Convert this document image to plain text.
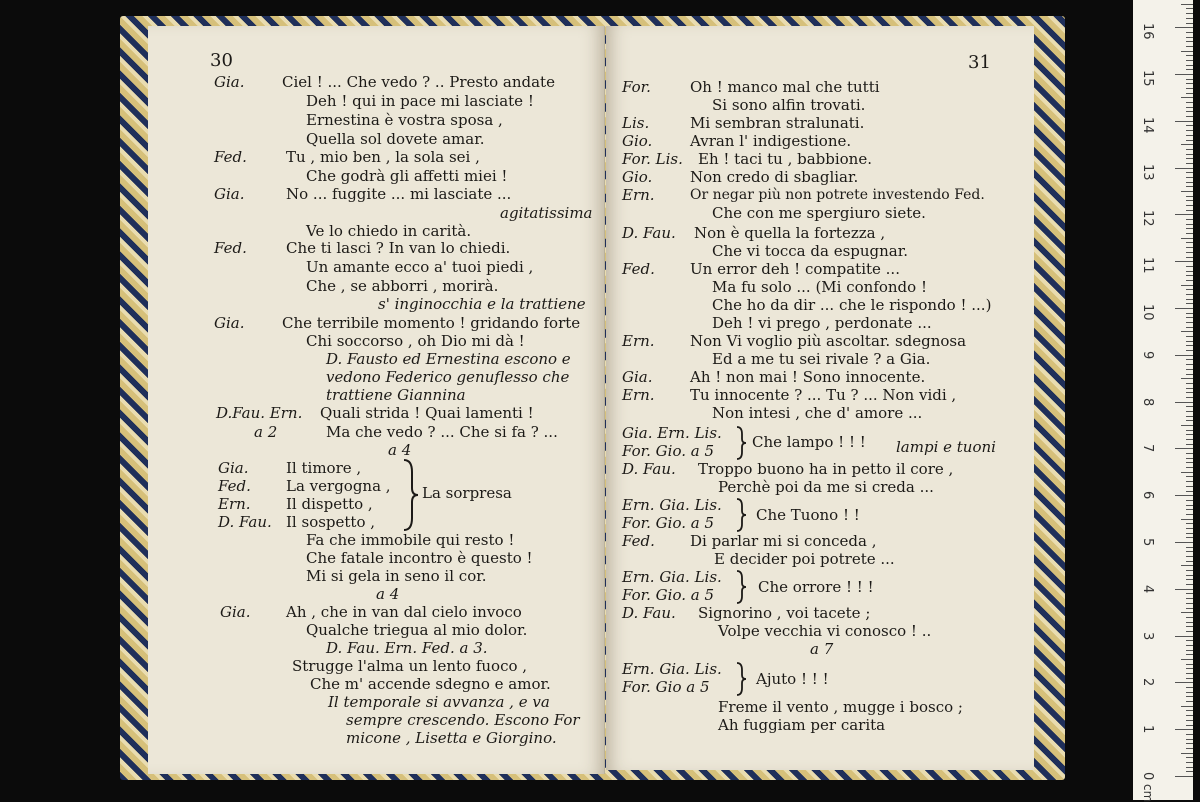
30
Gia.	Ciel ! ... Che vedo ? .. Presto andate
Deh ! qui in pace mi lasciate !
Ernestina è vostra sposa ,
Quella sol dovete amar.
Fed.	Tu , mio ben , la sola sei ,
Che godrà gli affetti miei !
Gia.	No ... fuggite ... mi lasciate ...
agitatissima
Ve lo chiedo in carità.
Fed.	Che ti lasci ? In van lo chiedi.
Un amante ecco a' tuoi piedi ,
Che , se abborri , morirà.
s' inginocchia e la trattiene
Gia.	Che terribile momento ! gridando forte
Chi soccorso , oh Dio mi dà !
D. Fausto ed Ernestina escono e
vedono Federico genuflesso che
trattiene Giannina
D.Fau. Ern. Quali strida ! Quai lamenti !
a 2	Ma che vedo ? ... Che si fa ? ...
a 4
Gia.	Il timore ,
Fed. La vergogna ,
Ern. Il dispetto ,
D. Fau. Il sospetto ,
La sorpresa
Fa che immobile qui resto !
Che fatale incontro è questo !
Mi si gela in seno il cor.
a 4
Gia. Ah , che in van dal cielo invoco
Qualche triegua al mio dolor.
D. Fau. Ern. Fed. a 3.
Strugge l'alma un lento fuoco ,
Che m' accende sdegno e amor.
Il temporale si avvanza , e va
sempre crescendo. Escono For
micone , Lisetta e Giorgino.
31
For.	Oh ! manco mal che tutti
Si sono alfin trovati.
Lis.	Mi sembran stralunati.
Gio.	Avran l' indigestione.
For. Lis. Eh ! taci tu , babbione.
Gio.	Non credo di sbagliar.
Ern.	Or negar più non potrete investendo Fed.
Che con me spergiuro siete.
D. Fau. Non è quella la fortezza ,
Che vi tocca da espugnar.
Fed. Un error deh ! compatite ...
Ma fu solo ... (Mi confondo !
Che ho da dir ... che le rispondo ! ...)
Deh ! vi prego , perdonate ...
Ern. Non Vi voglio più ascoltar. sdegnosa
Ed a me tu sei rivale ? a Gia.
Gia.	Ah ! non mai ! Sono innocente.
Ern. Tu innocente ? ... Tu ? ... Non vidi ,
Non intesi , che d' amore ...
Gia. Ern. Lis.
For. Gio. a 5	Che lampo ! ! ! lampi e tuoni
D. Fau. Troppo buono ha in petto il core ,
Perchè poi da me si creda ...
Ern. Gia. Lis.
For. Gio. a 5	Che Tuono ! !
Fed. Di parlar mi si conceda ,
E decider poi potrete ...
Ern. Gia. Lis.
For. Gio. a 5	Che orrore ! ! !
D. Fau. Signorino , voi tacete ;
Volpe vecchia vi conosco ! ..
a 7
Ern. Gia. Lis.
For. Gio a 5	Ajuto ! ! !
Freme il vento , mugge i bosco ;
Ah fuggiam per carita
0
1
2
3
4
5
6
7
8
9
10
11
12
13
14
15
16
cm
